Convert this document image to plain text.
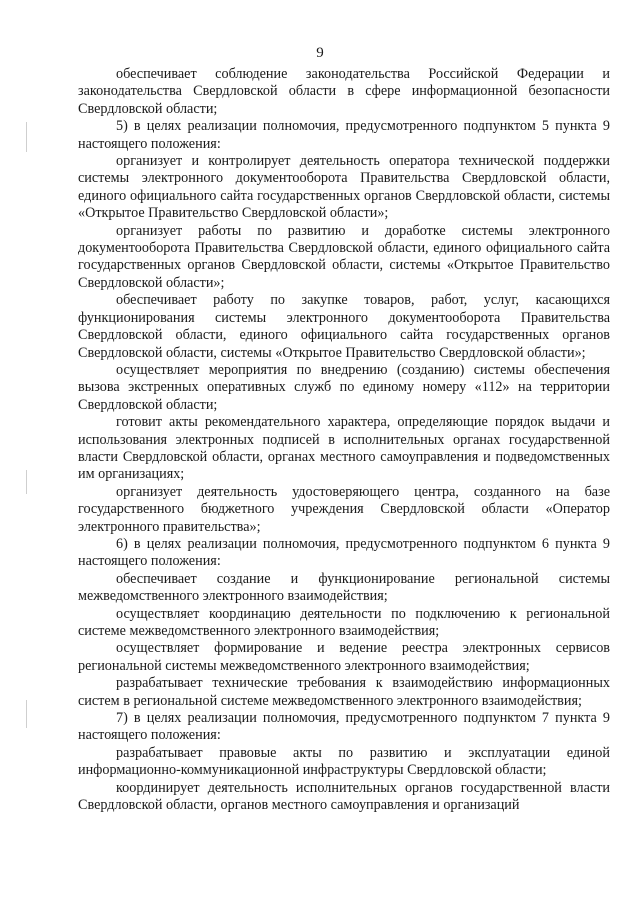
9

обеспечивает соблюдение законодательства Российской Федерации и законодательства Свердловской области в сфере информационной безопасности Свердловской области;

5) в целях реализации полномочия, предусмотренного подпунктом 5 пункта 9 настоящего положения:

организует и контролирует деятельность оператора технической поддержки системы электронного документооборота Правительства Свердловской области, единого официального сайта государственных органов Свердловской области, системы «Открытое Правительство Свердловской области»;

организует работы по развитию и доработке системы электронного документооборота Правительства Свердловской области, единого официального сайта государственных органов Свердловской области, системы «Открытое Правительство Свердловской области»;

обеспечивает работу по закупке товаров, работ, услуг, касающихся функционирования системы электронного документооборота Правительства Свердловской области, единого официального сайта государственных органов Свердловской области, системы «Открытое Правительство Свердловской области»;

осуществляет мероприятия по внедрению (созданию) системы обеспечения вызова экстренных оперативных служб по единому номеру «112» на территории Свердловской области;

готовит акты рекомендательного характера, определяющие порядок выдачи и использования электронных подписей в исполнительных органах государственной власти Свердловской области, органах местного самоуправления и подведомственных им организациях;

организует деятельность удостоверяющего центра, созданного на базе государственного бюджетного учреждения Свердловской области «Оператор электронного правительства»;

6) в целях реализации полномочия, предусмотренного подпунктом 6 пункта 9 настоящего положения:

обеспечивает создание и функционирование региональной системы межведомственного электронного взаимодействия;

осуществляет координацию деятельности по подключению к региональной системе межведомственного электронного взаимодействия;

осуществляет формирование и ведение реестра электронных сервисов региональной системы межведомственного электронного взаимодействия;

разрабатывает технические требования к взаимодействию информационных систем в региональной системе межведомственного электронного взаимодействия;

7) в целях реализации полномочия, предусмотренного подпунктом 7 пункта 9 настоящего положения:

разрабатывает правовые акты по развитию и эксплуатации единой информационно-коммуникационной инфраструктуры Свердловской области;

координирует деятельность исполнительных органов государственной власти Свердловской области, органов местного самоуправления и организаций
